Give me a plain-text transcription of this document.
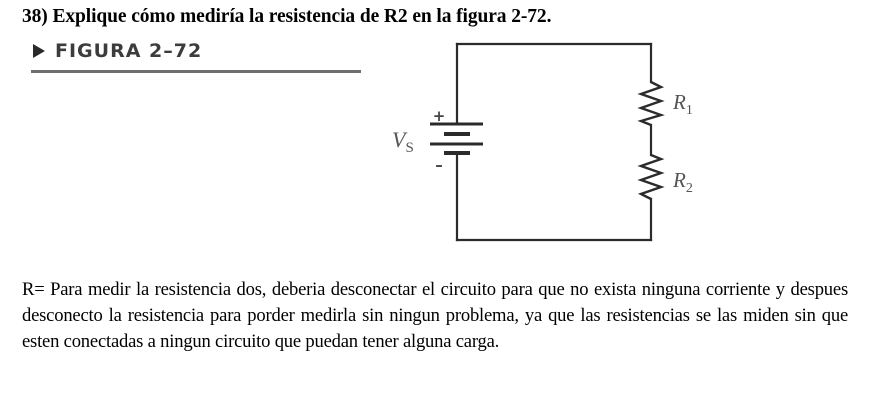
38) Explique cómo mediría la resistencia de R2 en la figura 2-72.
FIGURA 2–72
+
–
$V_S$
$R_1$
$R_2$
R= Para medir la resistencia dos, deberia desconectar el circuito para que no exista ninguna corriente y despues desconecto la resistencia para porder medirla sin ningun problema, ya que las resistencias se las miden sin que esten conectadas a ningun circuito que puedan tener alguna carga.
